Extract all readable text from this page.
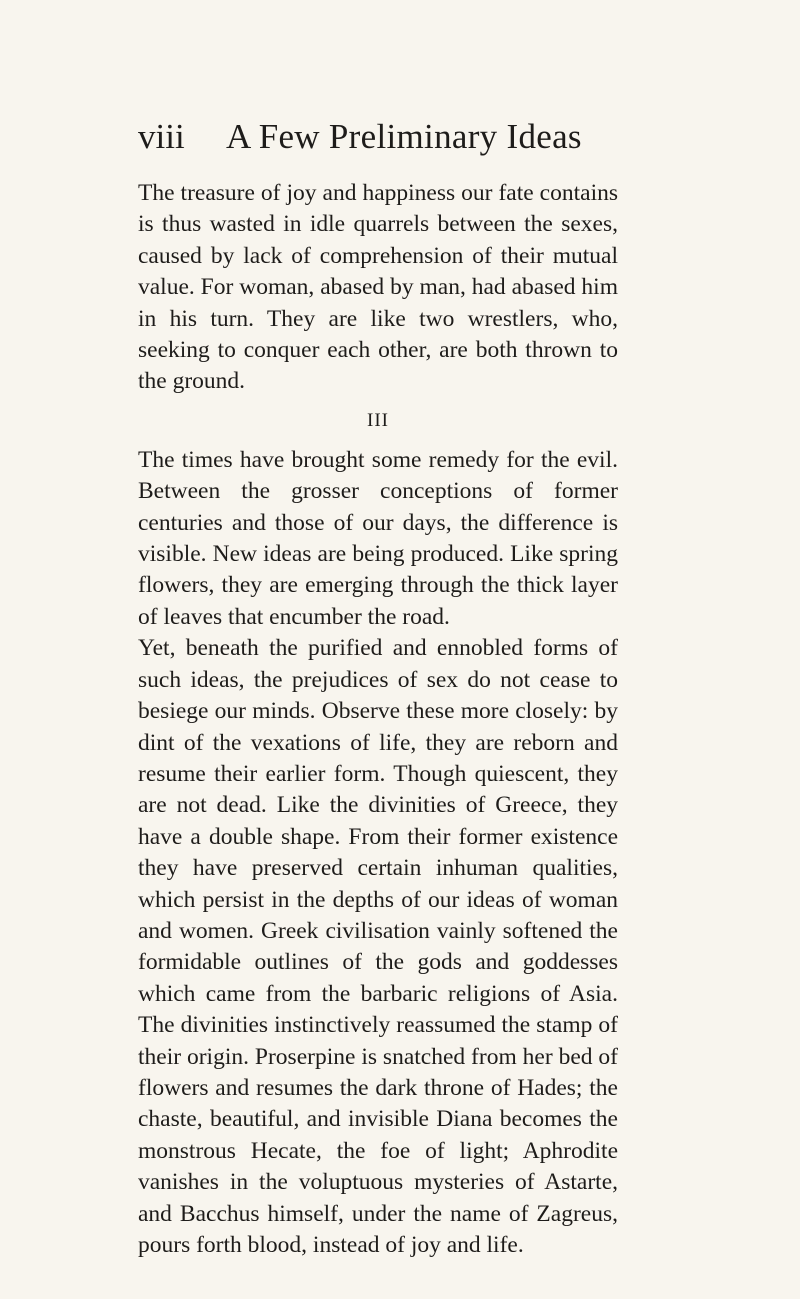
viii A Few Preliminary Ideas

The treasure of joy and happiness our fate contains is thus wasted in idle quarrels between the sexes, caused by lack of comprehension of their mutual value. For woman, abased by man, had abased him in his turn. They are like two wrestlers, who, seeking to conquer each other, are both thrown to the ground.

III

The times have brought some remedy for the evil. Between the grosser conceptions of former centuries and those of our days, the difference is visible. New ideas are being produced. Like spring flowers, they are emerging through the thick layer of leaves that encumber the road.

Yet, beneath the purified and ennobled forms of such ideas, the prejudices of sex do not cease to besiege our minds. Observe these more closely: by dint of the vexations of life, they are reborn and resume their earlier form. Though quiescent, they are not dead. Like the divinities of Greece, they have a double shape. From their former existence they have preserved certain inhuman qualities, which persist in the depths of our ideas of woman and women. Greek civilisation vainly softened the formidable outlines of the gods and goddesses which came from the barbaric religions of Asia. The divinities instinctively reassumed the stamp of their origin. Proserpine is snatched from her bed of flowers and resumes the dark throne of Hades; the chaste, beautiful, and invisible Diana becomes the monstrous Hecate, the foe of light; Aphrodite vanishes in the voluptuous mysteries of Astarte, and Bacchus himself, under the name of Zagreus, pours forth blood, instead of joy and life.
